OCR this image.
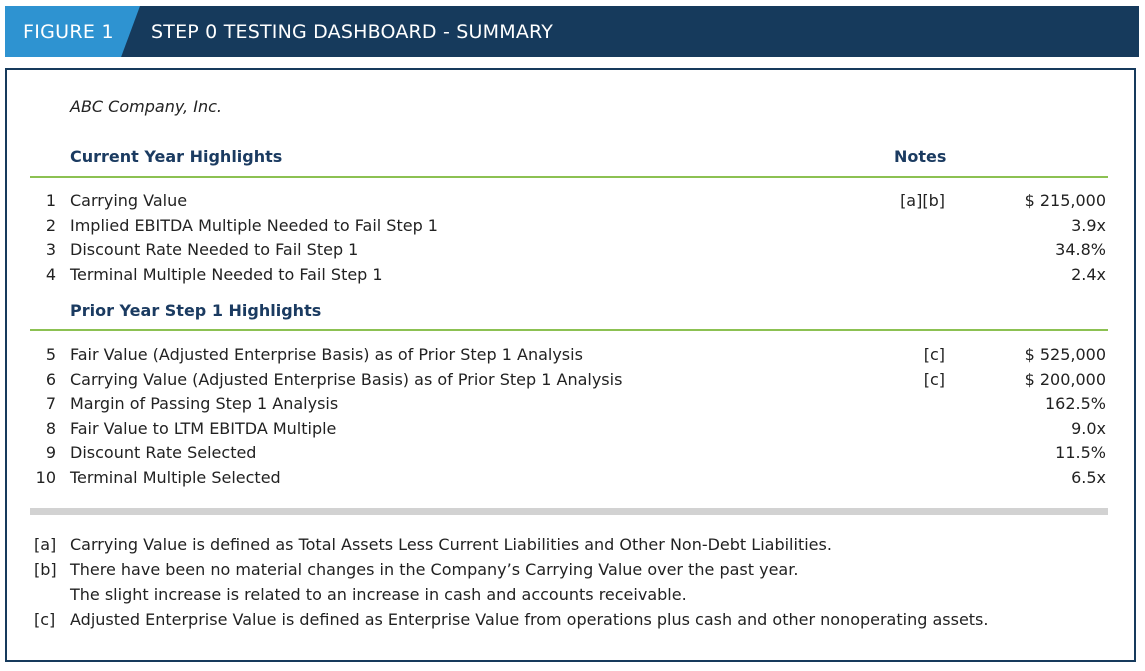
FIGURE 1 STEP 0 TESTING DASHBOARD - SUMMARY
ABC Company, Inc.
Current Year Highlights	Notes
1 Carrying Value	[a][b]	$ 215,000
2 Implied EBITDA Multiple Needed to Fail Step 1	3.9x
3 Discount Rate Needed to Fail Step 1	34.8%
4 Terminal Multiple Needed to Fail Step 1	2.4x
Prior Year Step 1 Highlights
5 Fair Value (Adjusted Enterprise Basis) as of Prior Step 1 Analysis	[c]	$ 525,000
6 Carrying Value (Adjusted Enterprise Basis) as of Prior Step 1 Analysis	[c]	$ 200,000
7 Margin of Passing Step 1 Analysis	162.5%
8 Fair Value to LTM EBITDA Multiple	9.0x
9 Discount Rate Selected	11.5%
10 Terminal Multiple Selected	6.5x
[a] Carrying Value is defined as Total Assets Less Current Liabilities and Other Non-Debt Liabilities.
[b] There have been no material changes in the Company’s Carrying Value over the past year.
The slight increase is related to an increase in cash and accounts receivable.
[c] Adjusted Enterprise Value is defined as Enterprise Value from operations plus cash and other nonoperating assets.
